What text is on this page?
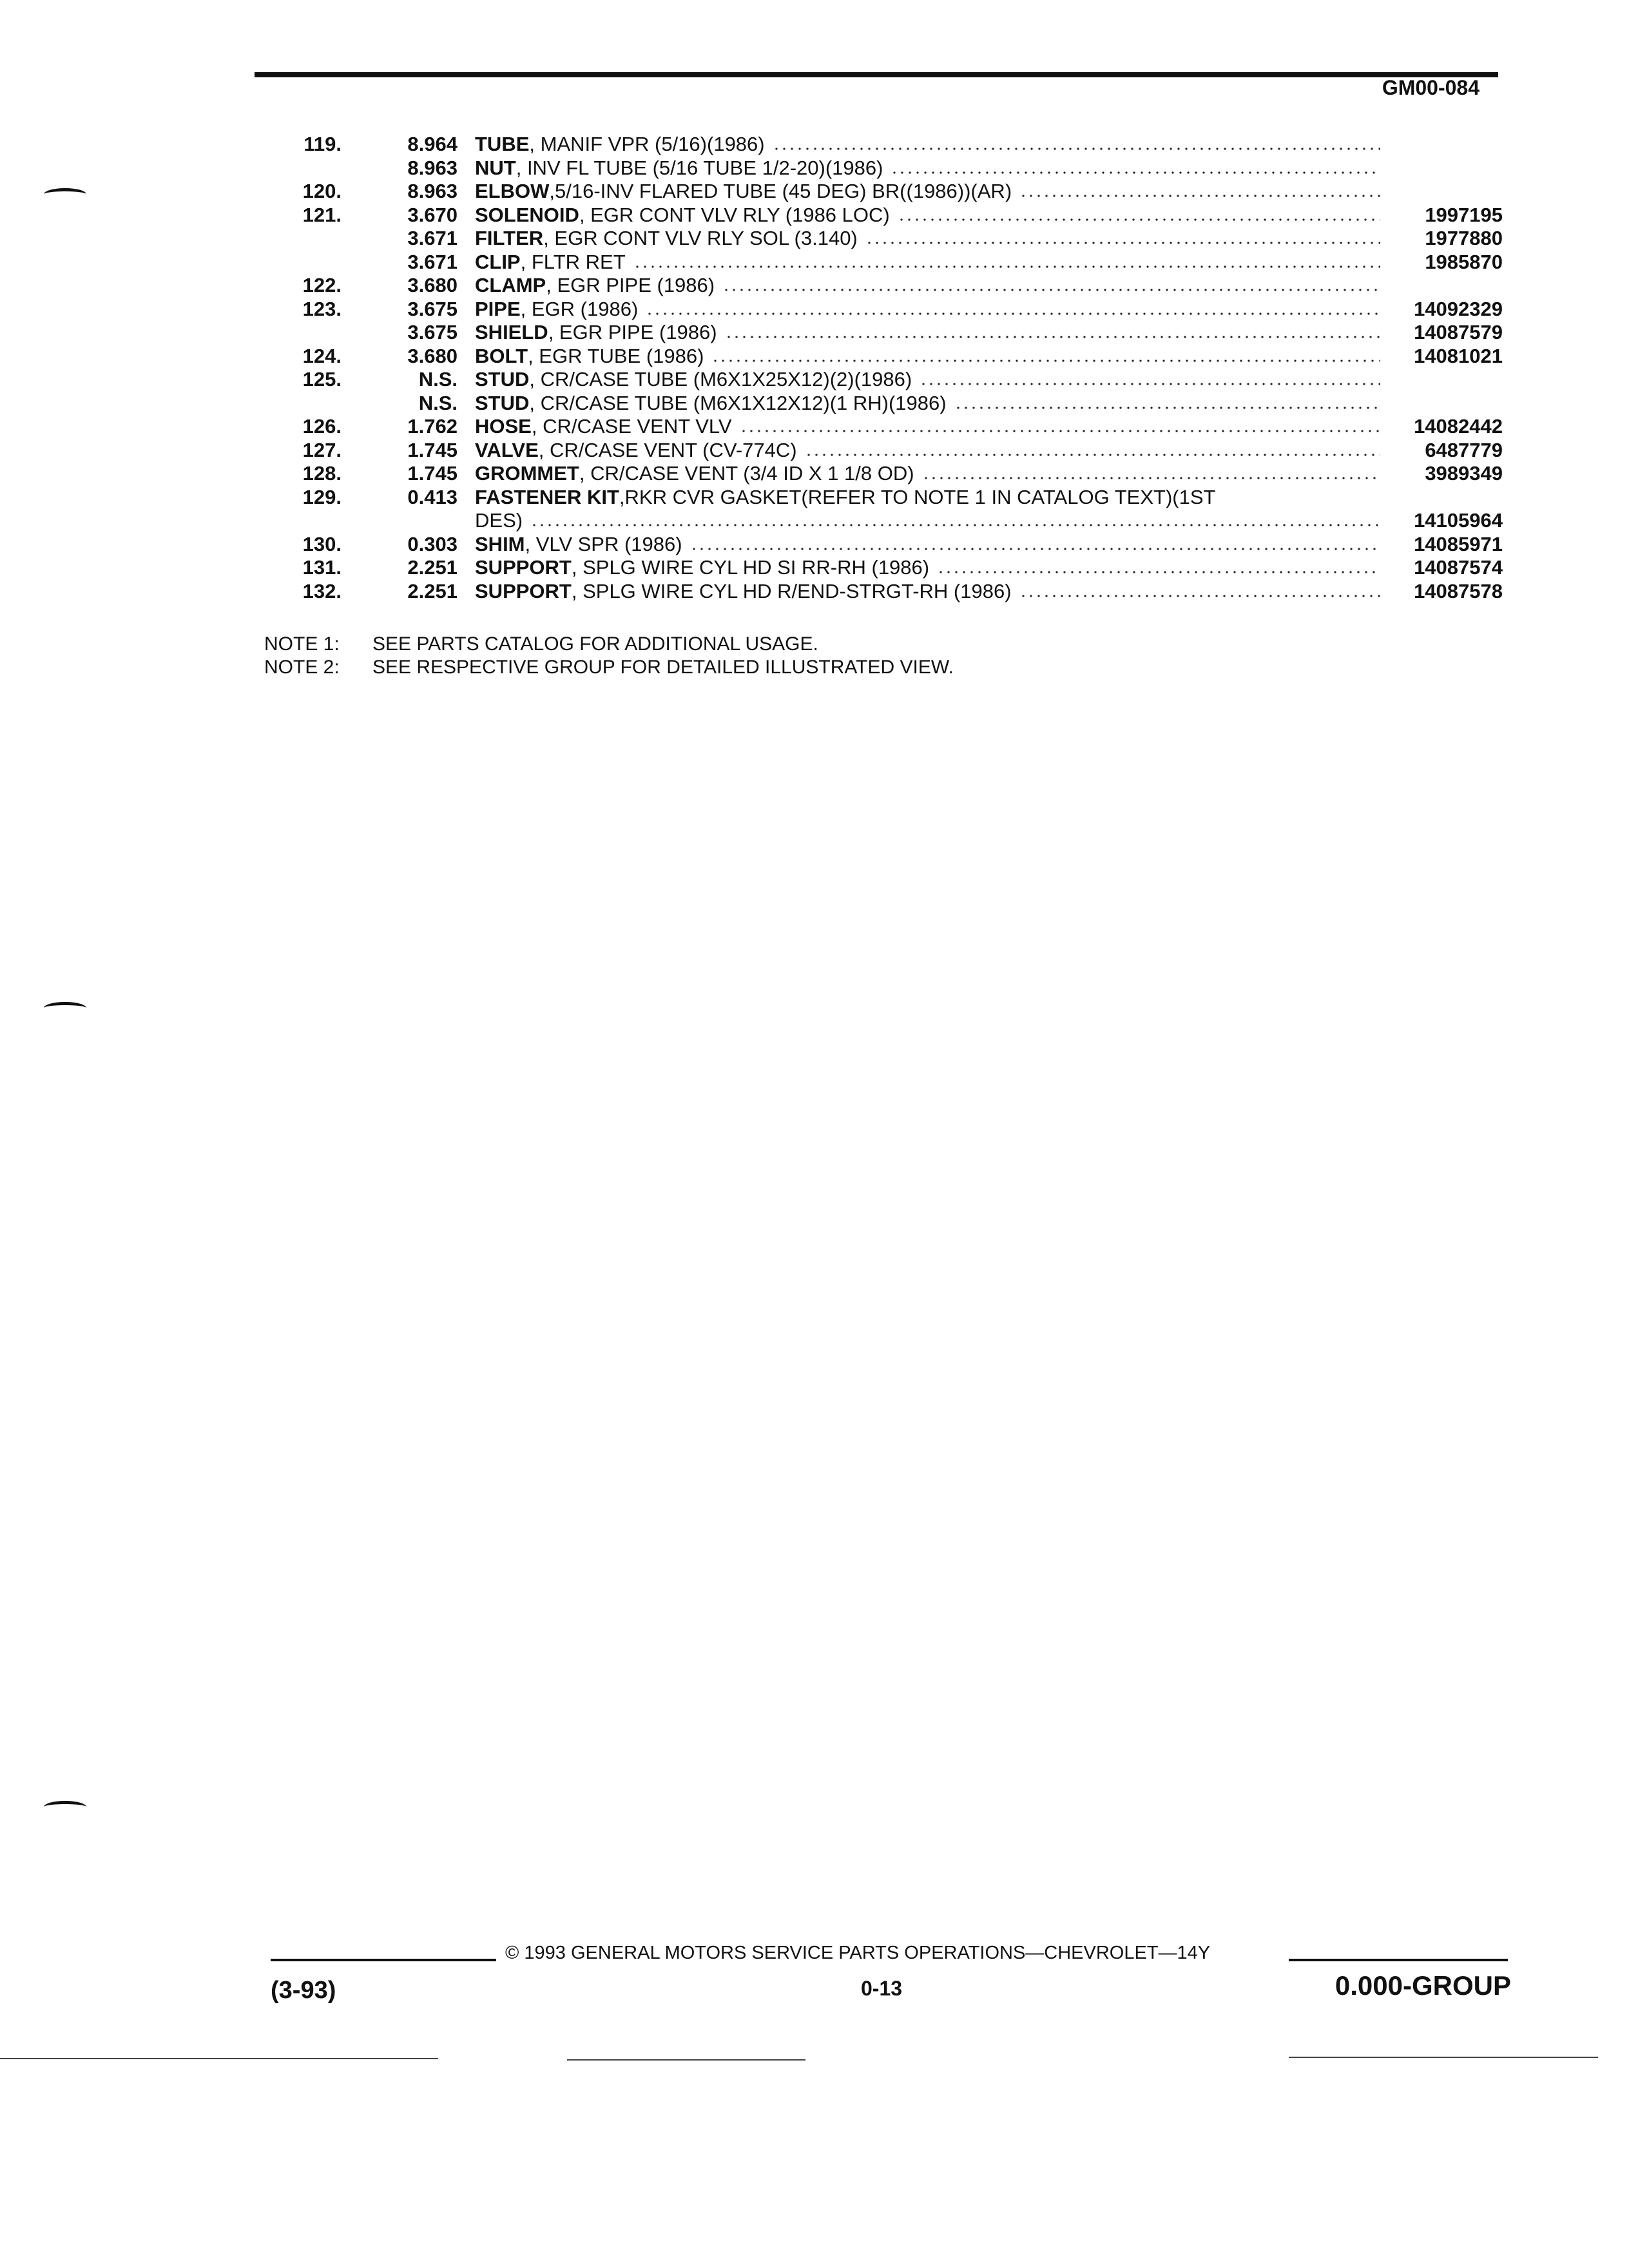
GM00-084
119.	8.964 TUBE , MANIF VPR (5/16)(1986)
8.963 NUT , INV FL TUBE (5/16 TUBE 1/2-20)(1986)
120.	8.963 ELBOW ,5/16-INV FLARED TUBE (45 DEG) BR((1986))(AR)
121.	3.670 SOLENOID , EGR CONT VLV RLY (1986 LOC)	1997195
3.671 FILTER , EGR CONT VLV RLY SOL (3.140)	1977880
3.671 CLIP , FLTR RET	1985870
122.	3.680 CLAMP , EGR PIPE (1986)
123.	3.675 PIPE , EGR (1986)	14092329
3.675 SHIELD , EGR PIPE (1986)	14087579
124.	3.680 BOLT , EGR TUBE (1986)	14081021
125.	N.S. STUD , CR/CASE TUBE (M6X1X25X12)(2)(1986)
N.S. STUD , CR/CASE TUBE (M6X1X12X12)(1 RH)(1986)
126.	1.762 HOSE , CR/CASE VENT VLV	14082442
127.	1.745 VALVE , CR/CASE VENT (CV-774C)	6487779
128.	1.745 GROMMET , CR/CASE VENT (3/4 ID X 1 1/8 OD)	3989349
129.	0.413 FASTENER KIT ,RKR CVR GASKET(REFER TO NOTE 1 IN CATALOG TEXT)(1ST
DES)	14105964
130.	0.303 SHIM , VLV SPR (1986)	14085971
131.	2.251 SUPPORT , SPLG WIRE CYL HD SI RR-RH (1986)	14087574
132.	2.251 SUPPORT , SPLG WIRE CYL HD R/END-STRGT-RH (1986)	14087578
NOTE 1: SEE PARTS CATALOG FOR ADDITIONAL USAGE.
NOTE 2: SEE RESPECTIVE GROUP FOR DETAILED ILLUSTRATED VIEW.
© 1993 GENERAL MOTORS SERVICE PARTS OPERATIONS—CHEVROLET—14Y
(3-93)	0-13	0.000-GROUP
